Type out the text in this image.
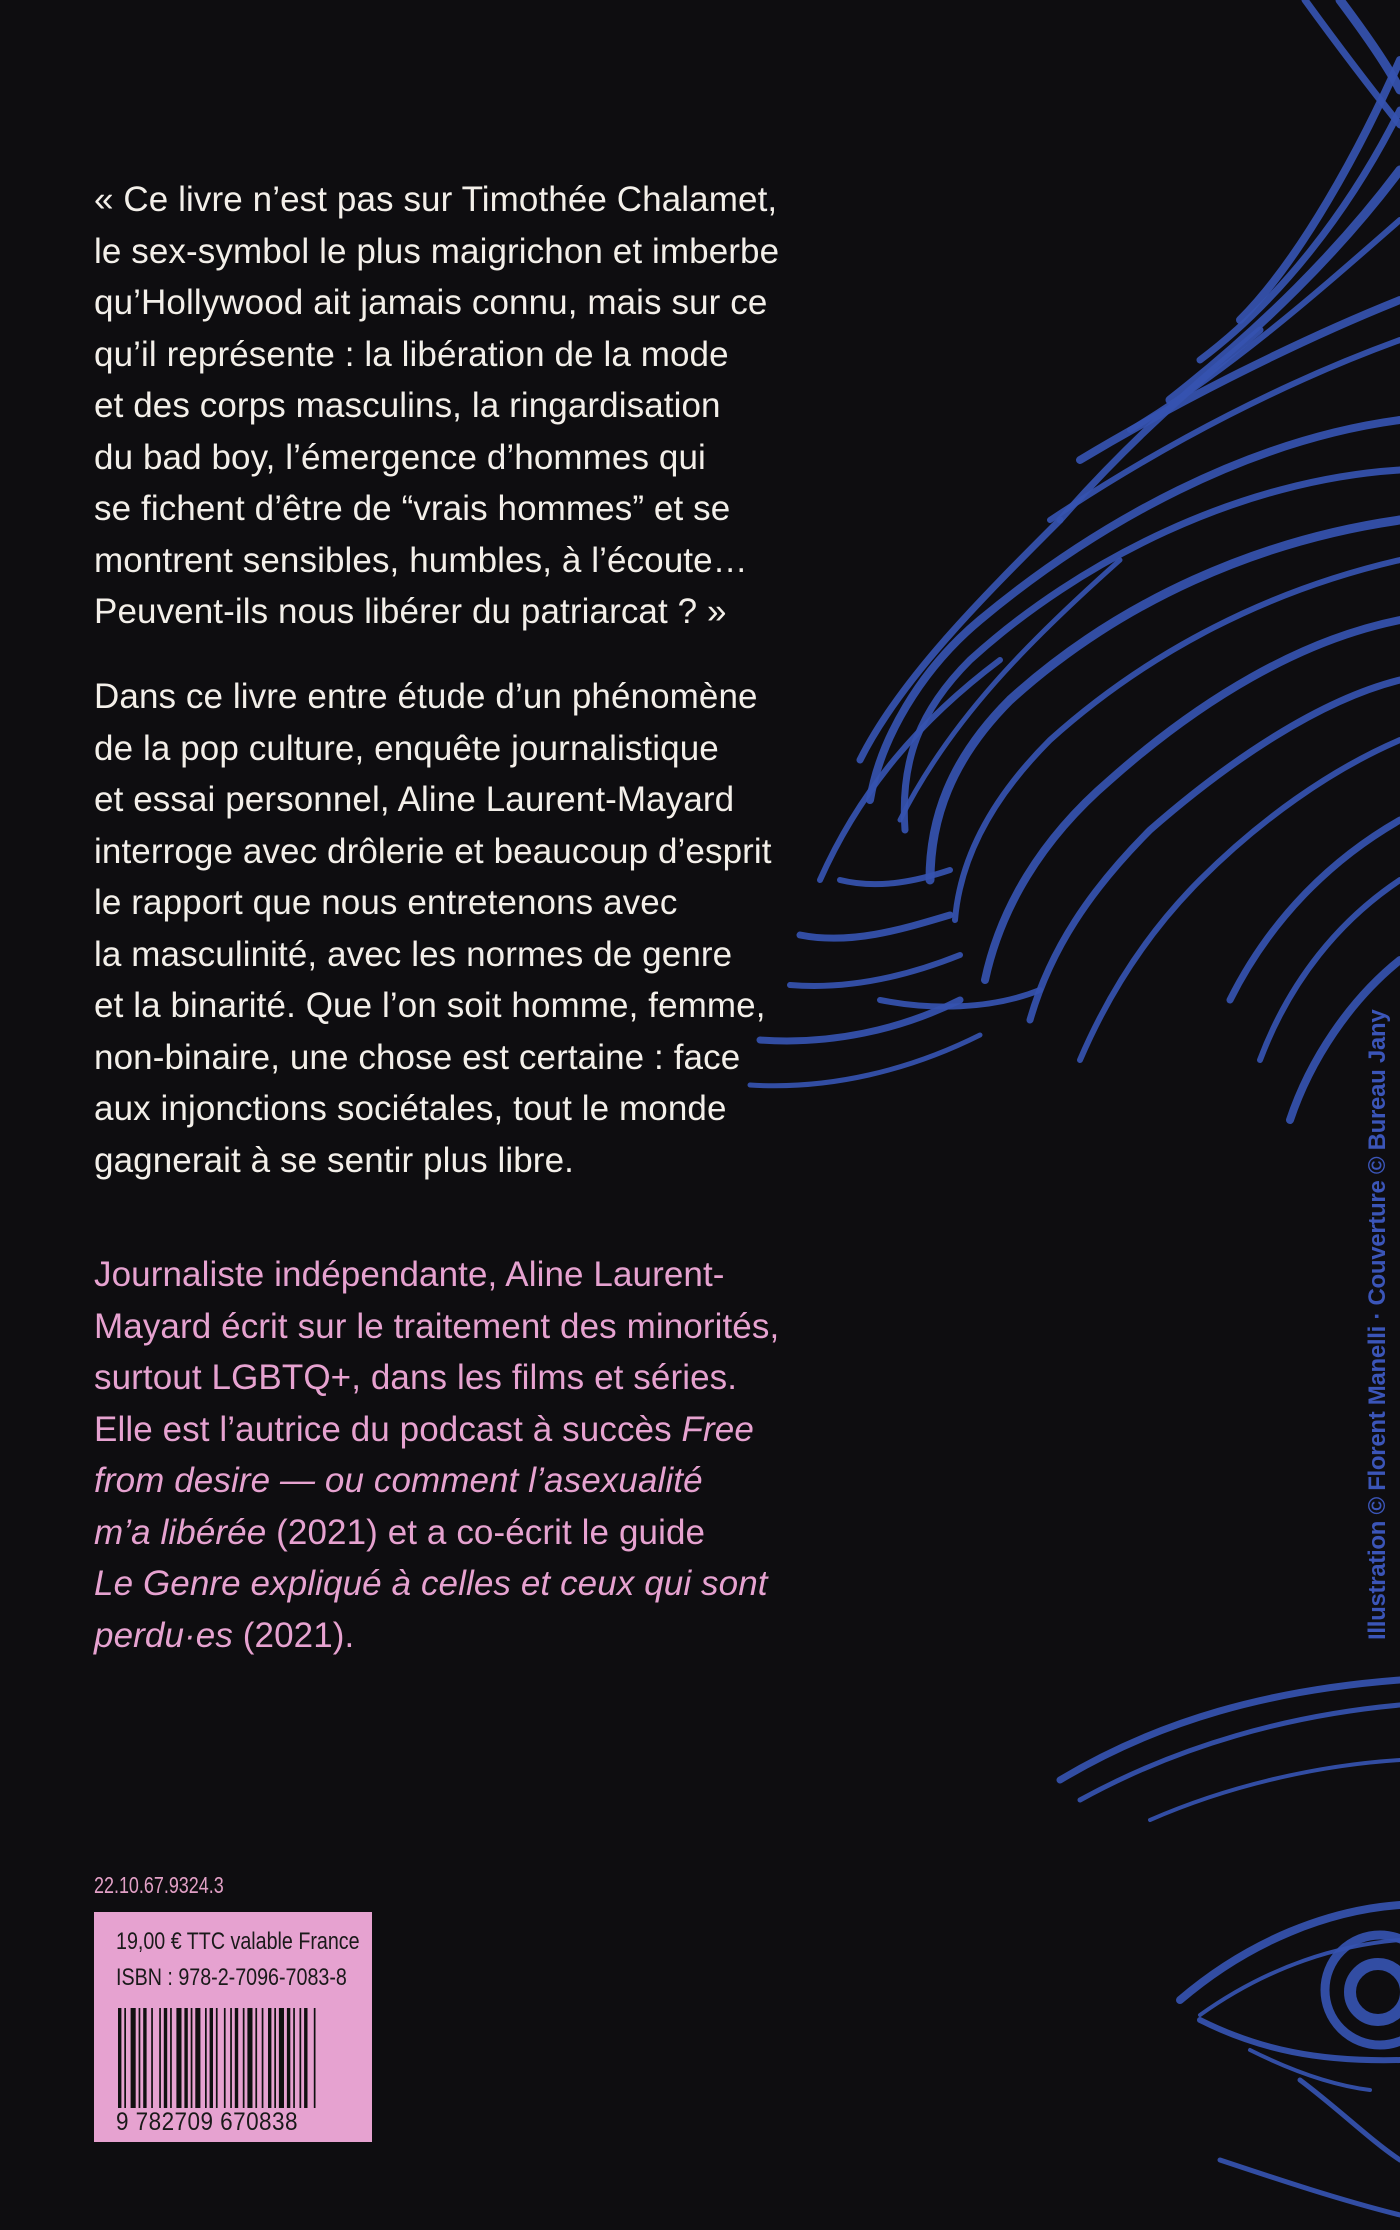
« Ce livre n’est pas sur Timothée Chalamet,
le sex-symbol le plus maigrichon et imberbe
qu’Hollywood ait jamais connu, mais sur ce
qu’il représente : la libération de la mode
et des corps masculins, la ringardisation
du bad boy, l’émergence d’hommes qui
se fichent d’être de “vrais hommes” et se
montrent sensibles, humbles, à l’écoute…
Peuvent-ils nous libérer du patriarcat ? »
Dans ce livre entre étude d’un phénomène
de la pop culture, enquête journalistique
et essai personnel, Aline Laurent-Mayard
interroge avec drôlerie et beaucoup d’esprit
le rapport que nous entretenons avec
la masculinité, avec les normes de genre
et la binarité. Que l’on soit homme, femme,
non-binaire, une chose est certaine : face
aux injonctions sociétales, tout le monde
gagnerait à se sentir plus libre.
Journaliste indépendante, Aline Laurent-
Mayard écrit sur le traitement des minorités,
surtout LGBTQ+, dans les films et séries.
Elle est l’autrice du podcast à succès Free
from desire — ou comment l’asexualité
m’a libérée (2021) et a co-écrit le guide
Le Genre expliqué à celles et ceux qui sont
perdu·es (2021).	Illustration © Florent Manelli · Couverture © Bureau Jany
22.10.67.9324.3
19,00 € TTC valable France
ISBN : 978-2-7096-7083-8
9 782709 670838
